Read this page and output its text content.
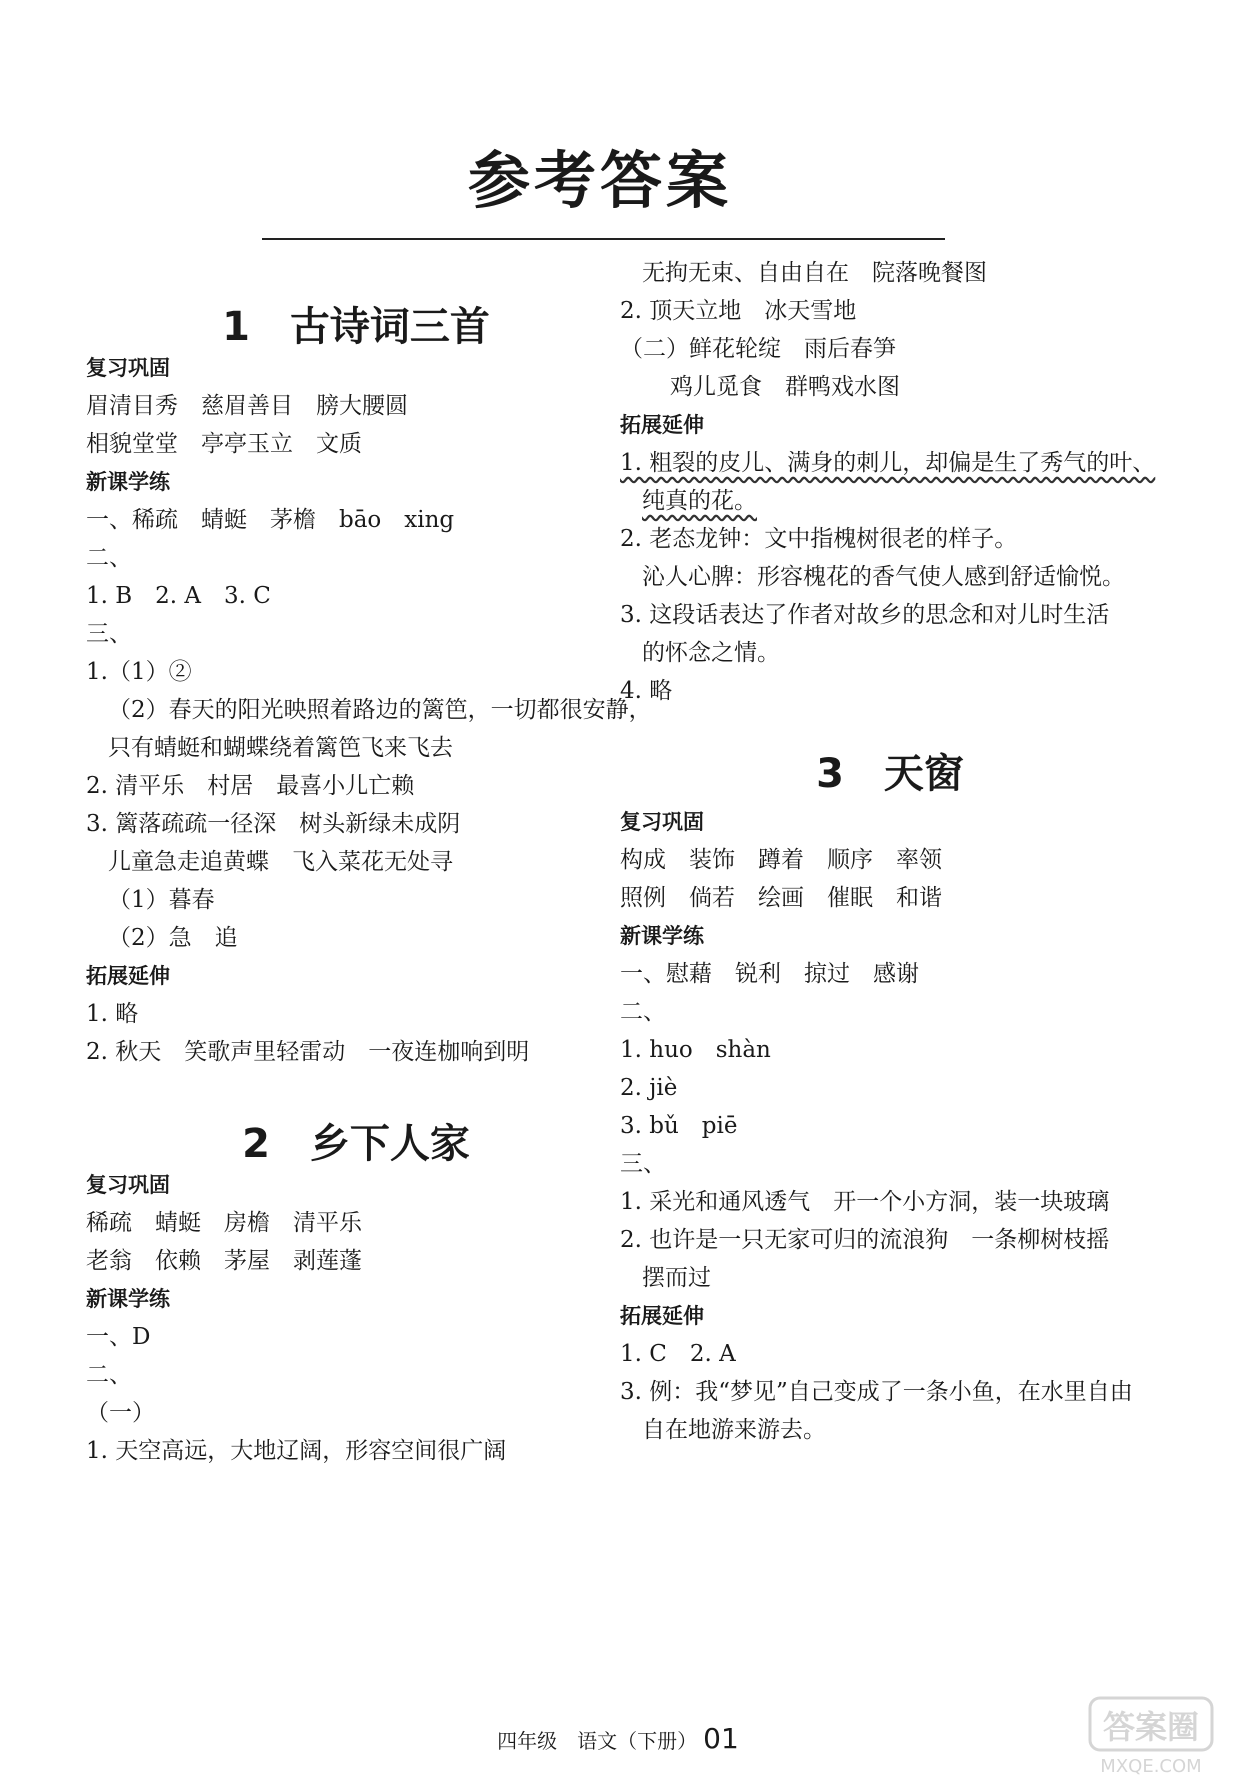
参考答案
1 古诗词三首
复习巩固
眉清目秀　慈眉善目　膀大腰圆
相貌堂堂　亭亭玉立　文质
新课学练
一、稀疏　蜻蜓　茅檐　bāo　xing
二、
1. B　2. A　3. C
三、
1.（1）②
（2）春天的阳光映照着路边的篱笆，一切都很安静，
只有蜻蜓和蝴蝶绕着篱笆飞来飞去
2. 清平乐　村居　最喜小儿亡赖
3. 篱落疏疏一径深　树头新绿未成阴
儿童急走追黄蝶　飞入菜花无处寻
（1）暮春
（2）急　追
拓展延伸
1. 略
2. 秋天　笑歌声里轻雷动　一夜连枷响到明
2 乡下人家
复习巩固
稀疏　蜻蜓　房檐　清平乐
老翁　依赖　茅屋　剥莲蓬
新课学练
一、D
二、
（一）
1. 天空高远，大地辽阔，形容空间很广阔
无拘无束、自由自在　院落晚餐图
2. 顶天立地　冰天雪地
（二）鲜花轮绽　雨后春笋
鸡儿觅食　群鸭戏水图
拓展延伸
1. 粗裂的皮儿、满身的刺儿，却偏是生了秀气的叶、
纯真的花。
2. 老态龙钟：文中指槐树很老的样子。
沁人心脾：形容槐花的香气使人感到舒适愉悦。
3. 这段话表达了作者对故乡的思念和对儿时生活
的怀念之情。
4. 略
3 天窗
复习巩固
构成　装饰　蹲着　顺序　率领
照例　倘若　绘画　催眠　和谐
新课学练
一、慰藉　锐利　掠过　感谢
二、
1. huo　shàn
2. jiè
3. bǔ　piē
三、
1. 采光和通风透气　开一个小方洞，装一块玻璃
2. 也许是一只无家可归的流浪狗　一条柳树枝摇
摆而过
拓展延伸
1. C　2. A
3. 例：我“梦见”自己变成了一条小鱼，在水里自由
自在地游来游去。
四年级　语文（下册） 01	答案圈
MXQE.COM
